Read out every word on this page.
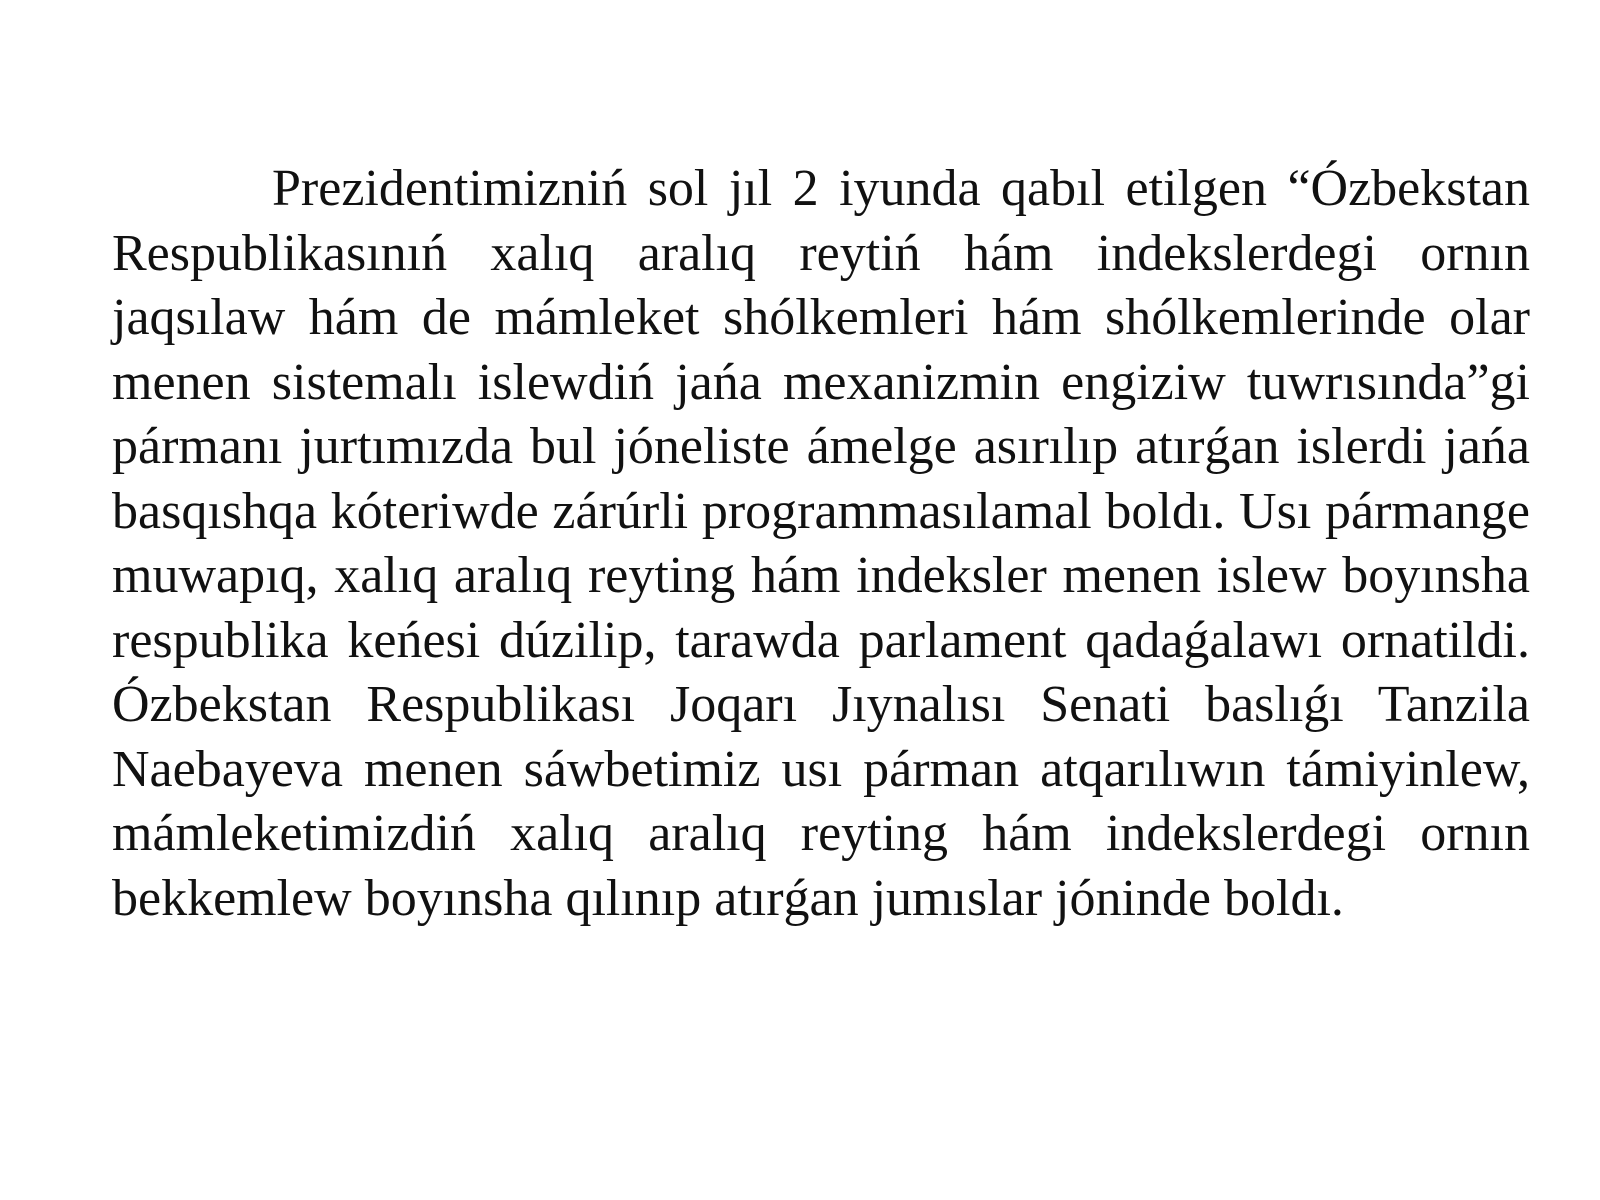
Prezidentimizniń sol jıl 2 iyunda qabıl etilgen “Ózbekstan Respublikasınıń xalıq aralıq reytiń hám indekslerdegi ornın jaqsılaw hám de mámleket shólkemleri hám shólkemlerinde olar menen sistemalı islewdiń jańa mexanizmin engiziw tuwrısında”gi pármanı jurtımızda bul jóneliste ámelge asırılıp atırǵan islerdi jańa basqıshqa kóteriwde zárúrli programmasılamal boldı. Usı pármange muwapıq, xalıq aralıq reyting hám indeksler menen islew boyınsha respublika keńesi dúzilip, tarawda parlament qadaǵalawı ornatildi. Ózbekstan Respublikası Joqarı Jıynalısı Senati baslıǵı Tanzila Naebayeva menen sáwbetimiz usı párman atqarılıwın támiyinlew, mámleketimizdiń xalıq aralıq reyting hám indekslerdegi ornın bekkemlew boyınsha qılınıp atırǵan jumıslar jóninde boldı.
